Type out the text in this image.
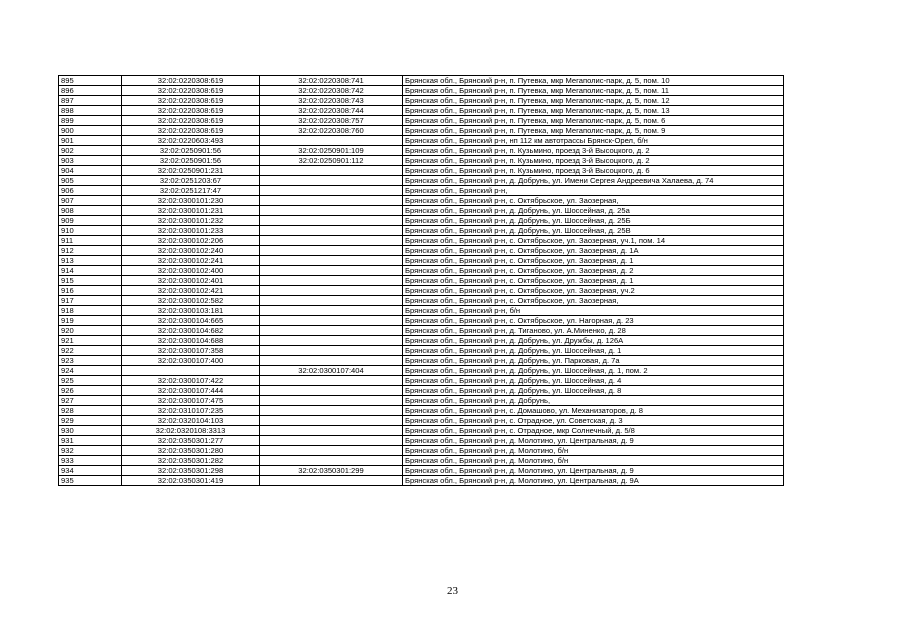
895	32:02:0220308:619	32:02:0220308:741	Брянская обл., Брянский р-н, п. Путевка, мкр Мегаполис-парк, д. 5, пом. 10
896	32:02:0220308:619	32:02:0220308:742	Брянская обл., Брянский р-н, п. Путевка, мкр Мегаполис-парк, д. 5, пом. 11
897	32:02:0220308:619	32:02:0220308:743	Брянская обл., Брянский р-н, п. Путевка, мкр Мегаполис-парк, д. 5, пом. 12
898	32:02:0220308:619	32:02:0220308:744	Брянская обл., Брянский р-н, п. Путевка, мкр Мегаполис-парк, д. 5, пом. 13
899	32:02:0220308:619	32:02:0220308:757	Брянская обл., Брянский р-н, п. Путевка, мкр Мегаполис-парк, д. 5, пом. 6
900	32:02:0220308:619	32:02:0220308:760	Брянская обл., Брянский р-н, п. Путевка, мкр Мегаполис-парк, д. 5, пом. 9
901	32:02:0220603:493		Брянская обл., Брянский р-н, нп 112 км автотрассы Брянск-Орел, б/н
902	32:02:0250901:56	32:02:0250901:109	Брянская обл., Брянский р-н, п. Кузьмино, проезд 3-й Высоцкого, д. 2
903	32:02:0250901:56	32:02:0250901:112	Брянская обл., Брянский р-н, п. Кузьмино, проезд 3-й Высоцкого, д. 2
904	32:02:0250901:231		Брянская обл., Брянский р-н, п. Кузьмино, проезд 3-й Высоцкого, д. 6
905	32:02:0251203:67		Брянская обл., Брянский р-н, д. Добрунь, ул. Имени Сергея Андреевича Халаева, д. 74
906	32:02:0251217:47		Брянская обл., Брянский р-н,
907	32:02:0300101:230		Брянская обл., Брянский р-н, с. Октябрьское, ул. Заозерная,
908	32:02:0300101:231		Брянская обл., Брянский р-н, д. Добрунь, ул. Шоссейная, д. 25а
909	32:02:0300101:232		Брянская обл., Брянский р-н, д. Добрунь, ул. Шоссейная, д. 25Б
910	32:02:0300101:233		Брянская обл., Брянский р-н, д. Добрунь, ул. Шоссейная, д. 25В
911	32:02:0300102:206		Брянская обл., Брянский р-н, с. Октябрьское, ул. Заозерная, уч.1, пом. 14
912	32:02:0300102:240		Брянская обл., Брянский р-н, с. Октябрьское, ул. Заозерная, д. 1А
913	32:02:0300102:241		Брянская обл., Брянский р-н, с. Октябрьское, ул. Заозерная, д. 1
914	32:02:0300102:400		Брянская обл., Брянский р-н, с. Октябрьское, ул. Заозерная, д. 2
915	32:02:0300102:401		Брянская обл., Брянский р-н, с. Октябрьское, ул. Заозерная, д. 1
916	32:02:0300102:421		Брянская обл., Брянский р-н, с. Октябрьское, ул. Заозерная, уч.2
917	32:02:0300102:582		Брянская обл., Брянский р-н, с. Октябрьское, ул. Заозерная,
918	32:02:0300103:181		Брянская обл., Брянский р-н, б/н
919	32:02:0300104:665		Брянская обл., Брянский р-н, с. Октябрьское, ул. Нагорная, д. 23
920	32:02:0300104:682		Брянская обл., Брянский р-н, д. Тиганово, ул. А.Миненко, д. 28
921	32:02:0300104:688		Брянская обл., Брянский р-н, д. Добрунь, ул. Дружбы, д. 126А
922	32:02:0300107:358		Брянская обл., Брянский р-н, д. Добрунь, ул. Шоссейная, д. 1
923	32:02:0300107:400		Брянская обл., Брянский р-н, д. Добрунь, ул. Парковая, д. 7а
924		32:02:0300107:404	Брянская обл., Брянский р-н, д. Добрунь, ул. Шоссейная, д. 1, пом. 2
925	32:02:0300107:422		Брянская обл., Брянский р-н, д. Добрунь, ул. Шоссейная, д. 4
926	32:02:0300107:444		Брянская обл., Брянский р-н, д. Добрунь, ул. Шоссейная, д. 8
927	32:02:0300107:475		Брянская обл., Брянский р-н, д. Добрунь,
928	32:02:0310107:235		Брянская обл., Брянский р-н, с. Домашово, ул. Механизаторов, д. 8
929	32:02:0320104:103		Брянская обл., Брянский р-н, с. Отрадное, ул. Советская, д. 3
930	32:02:0320108:3313		Брянская обл., Брянский р-н, с. Отрадное, мкр Солнечный, д. 5/8
931	32:02:0350301:277		Брянская обл., Брянский р-н, д. Молотино, ул. Центральная, д. 9
932	32:02:0350301:280		Брянская обл., Брянский р-н, д. Молотино, б/н
933	32:02:0350301:282		Брянская обл., Брянский р-н, д. Молотино, б/н
934	32:02:0350301:298	32:02:0350301:299	Брянская обл., Брянский р-н, д. Молотино, ул. Центральная, д. 9
935	32:02:0350301:419		Брянская обл., Брянский р-н, д. Молотино, ул. Центральная, д. 9А
23
